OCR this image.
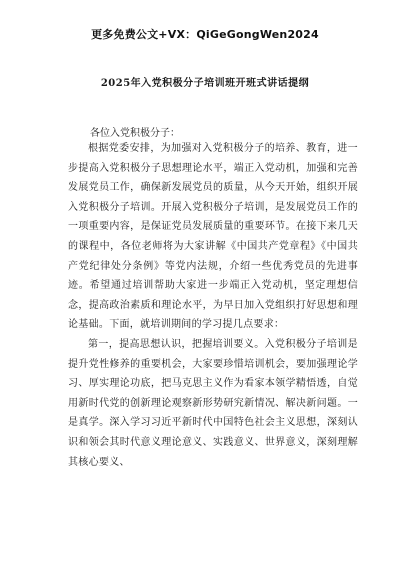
更多免费公文+VX：QiGeGongWen2024
2025年入党积极分子培训班开班式讲话提纲
各位入党积极分子：

根据党委安排，为加强对入党积极分子的培养、教育，进一步提高入党积极分子思想理论水平，端正入党动机，加强和完善发展党员工作，确保新发展党员的质量，从今天开始，组织开展入党积极分子培训。开展入党积极分子培训，是发展党员工作的一项重要内容，是保证党员发展质量的重要环节。在接下来几天的课程中，各位老师将为大家讲解《中国共产党章程》《中国共产党纪律处分条例》等党内法规，介绍一些优秀党员的先进事迹。希望通过培训帮助大家进一步端正入党动机，坚定理想信念，提高政治素质和理论水平，为早日加入党组织打好思想和理论基础。下面，就培训期间的学习提几点要求：

第一，提高思想认识，把握培训要义。入党积极分子培训是提升党性修养的重要机会，大家要珍惜培训机会，要加强理论学习、厚实理论功底，把马克思主义作为看家本领学精悟透，自觉用新时代党的创新理论观察新形势研究新情况、解决新问题。一是真学。深入学习习近平新时代中国特色社会主义思想，深刻认识和领会其时代意义理论意义、实践意义、世界意义，深刻理解其核心要义、
